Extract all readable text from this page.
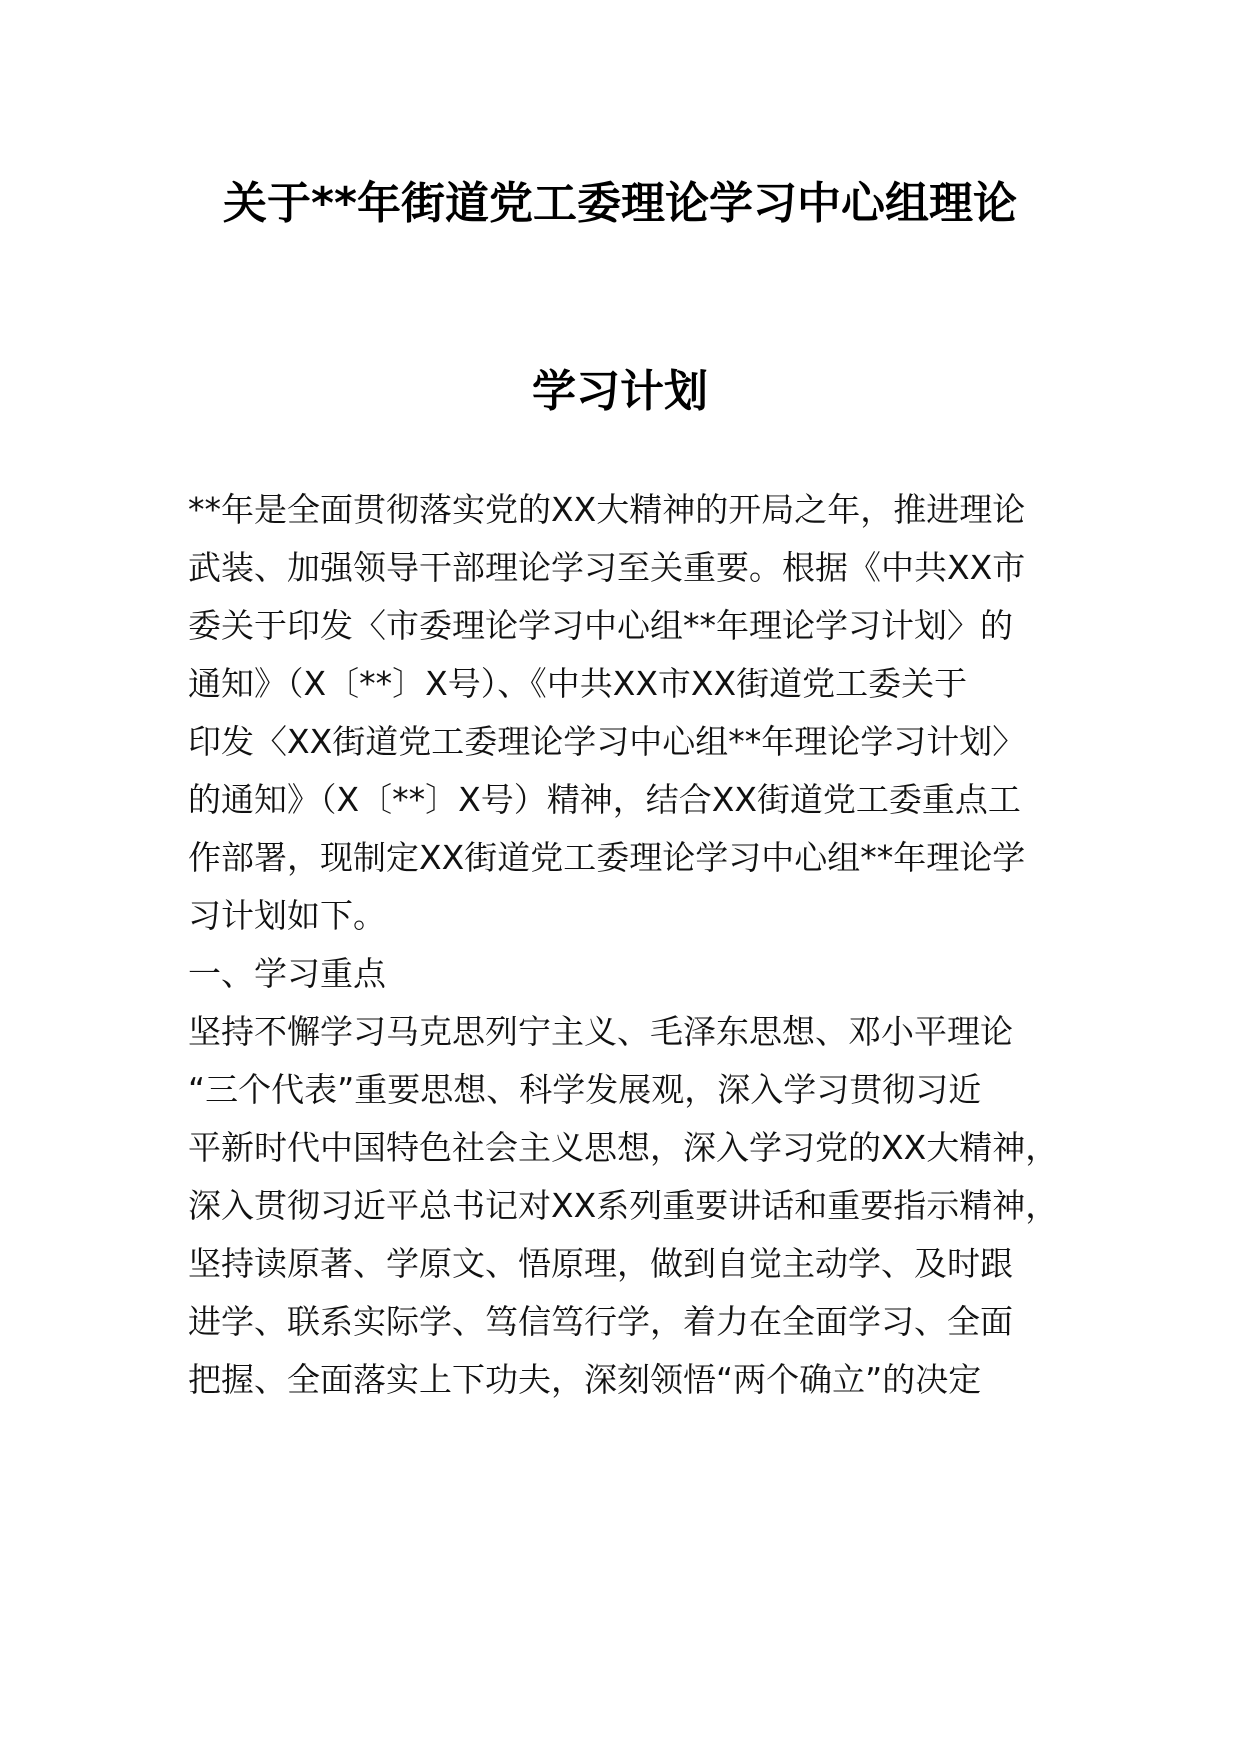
关于**年街道党工委理论学习中心组理论
学习计划
**年是全面贯彻落实党的XX大精神的开局之年，推进理论
武装、加强领导干部理论学习至关重要。根据《中共XX市
委关于印发〈市委理论学习中心组**年理论学习计划〉的
通知》（X〔**〕X号）、《中共XX市XX街道党工委关于
印发〈XX街道党工委理论学习中心组**年理论学习计划〉
的通知》（X〔**〕X号）精神，结合XX街道党工委重点工
作部署，现制定XX街道党工委理论学习中心组**年理论学
习计划如下。
一、学习重点
坚持不懈学习马克思列宁主义、毛泽东思想、邓小平理论
“三个代表”重要思想、科学发展观，深入学习贯彻习近
平新时代中国特色社会主义思想，深入学习党的XX大精神，
深入贯彻习近平总书记对XX系列重要讲话和重要指示精神，
坚持读原著、学原文、悟原理，做到自觉主动学、及时跟
进学、联系实际学、笃信笃行学，着力在全面学习、全面
把握、全面落实上下功夫，深刻领悟“两个确立”的决定
